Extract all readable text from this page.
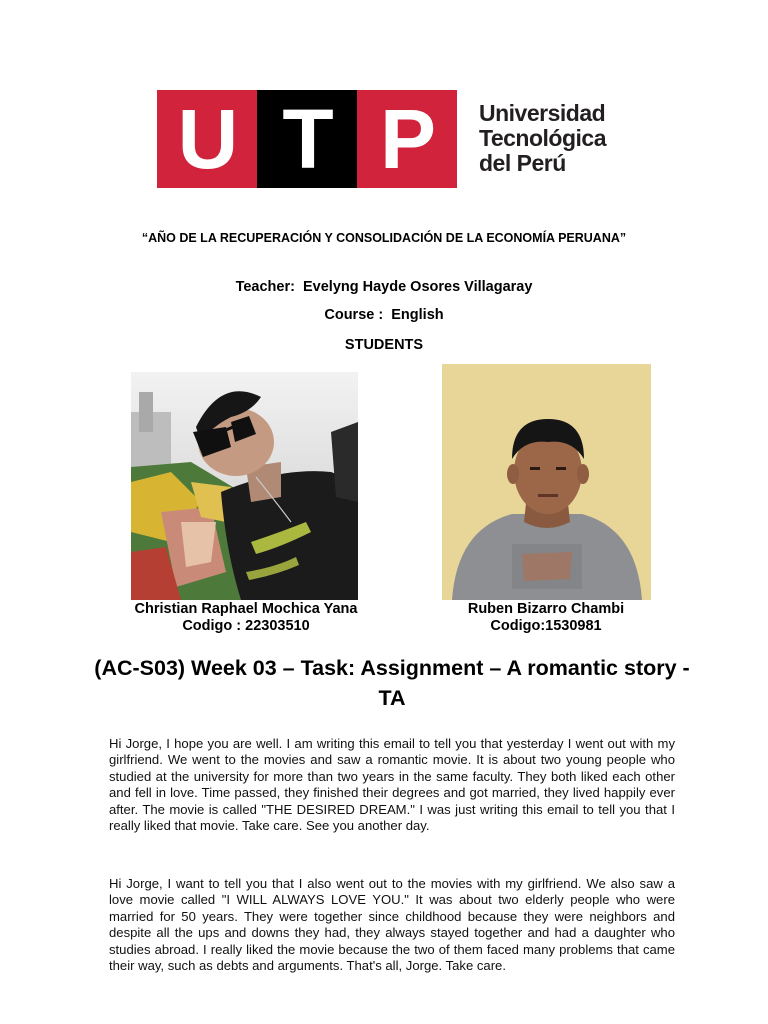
U T P	Universidad
Tecnológica
del Perú
“AÑO DE LA RECUPERACIÓN Y CONSOLIDACIÓN DE LA ECONOMÍA PERUANA”
Teacher: Evelyng Hayde Osores Villagaray
Course : English
STUDENTS
Christian Raphael Mochica Yana	Ruben Bizarro Chambi
Codigo : 22303510	Codigo:1530981
(AC-S03) Week 03 – Task: Assignment – A romantic story - TA
Hi Jorge, I hope you are well. I am writing this email to tell you that yesterday I went out with my girlfriend. We went to the movies and saw a romantic movie. It is about two young people who studied at the university for more than two years in the same faculty. They both liked each other and fell in love. Time passed, they finished their degrees and got married, they lived happily ever after. The movie is called "THE DESIRED DREAM." I was just writing this email to tell you that I really liked that movie. Take care. See you another day.
Hi Jorge, I want to tell you that I also went out to the movies with my girlfriend. We also saw a love movie called "I WILL ALWAYS LOVE YOU." It was about two elderly people who were married for 50 years. They were together since childhood because they were neighbors and despite all the ups and downs they had, they always stayed together and had a daughter who studies abroad. I really liked the movie because the two of them faced many problems that came their way, such as debts and arguments. That's all, Jorge. Take care.
